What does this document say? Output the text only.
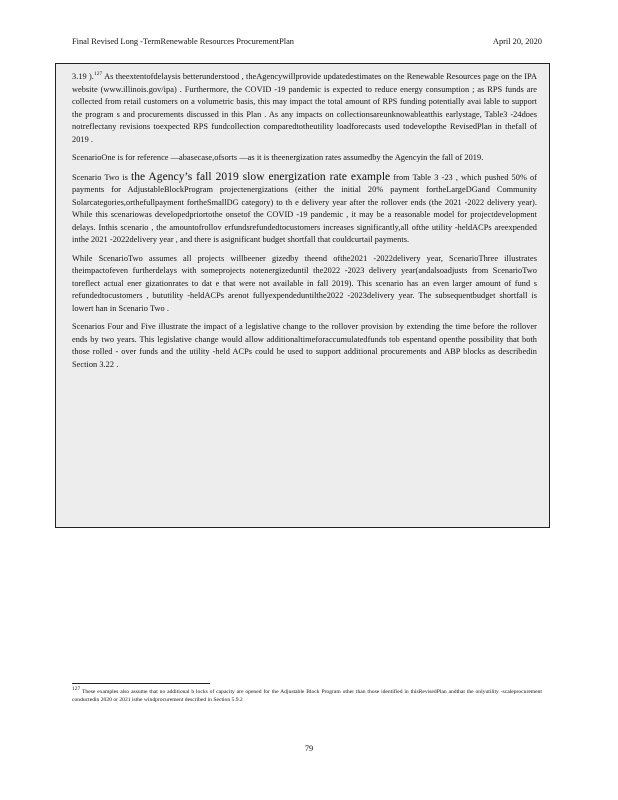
Final Revised Long -TermRenewable Resources ProcurementPlan	April 20, 2020

3.19 ).$^{127}$ As theextentofdelaysis betterunderstood , theAgencywillprovide updatedestimates on the Renewable Resources page on the IPA website (www.illinois.gov/ipa) . Furthermore, the COVID -19 pandemic is expected to reduce energy consumption ; as RPS funds are collected from retail customers on a volumetric basis, this may impact the total amount of RPS funding potentially avai lable to support the program s and procurements discussed in this Plan . As any impacts on collectionsareunknowableatthis earlystage, Table3 -24does notreflectany revisions toexpected RPS fundcollection comparedtotheutility loadforecasts used todevelopthe RevisedPlan in thefall of 2019 .

ScenarioOne is for reference —abasecase,ofsorts —as it is theenergization rates assumedby the Agencyin the fall of 2019.

Scenario Two is the Agency’s fall 2019 slow energization rate example from Table 3 -23 , which pushed 50% of payments for AdjustableBlockProgram projectenergizations (either the initial 20% payment fortheLargeDGand Community Solarcategories,orthefullpayment fortheSmallDG category) to th e delivery year after the rollover ends (the 2021 -2022 delivery year). While this scenariowas developedpriortothe onsetof the COVID -19 pandemic , it may be a reasonable model for projectdevelopment delays. Inthis scenario , the amountofrollov erfundsrefundedtocustomers increases significantly,all ofthe utility -heldACPs areexpended inthe 2021 -2022delivery year , and there is asignificant budget shortfall that couldcurtail payments.

While ScenarioTwo assumes all projects willbeener gizedby theend ofthe2021 -2022delivery year, ScenarioThree illustrates theimpactofeven furtherdelays with someprojects notenergizeduntil the2022 -2023 delivery year(andalsoadjusts from ScenarioTwo toreflect actual ener gizationrates to dat e that were not available in fall 2019). This scenario has an even larger amount of fund s refundedtocustomers , bututility -heldACPs arenot fullyexpendeduntilthe2022 -2023delivery year. The subsequentbudget shortfall is lowert han in Scenario Two .

Scenarios Four and Five illustrate the impact of a legislative change to the rollover provision by extending the time before the rollover ends by two years. This legislative change would allow additionaltimeforaccumulatedfunds tob espentand openthe possibility that both those rolled - over funds and the utility -held ACPs could be used to support additional procurements and ABP blocks as describedin Section 3.22 .

$^{127}$ These examples also assume that no additional b locks of capacity are opened for the Adjustable Block Program other than those identified in thisRevisedPlan andthat the onlyutility -scaleprocurement conductedin 2020 or 2021 isthe windprocurement described in Section 5.9.2
79
